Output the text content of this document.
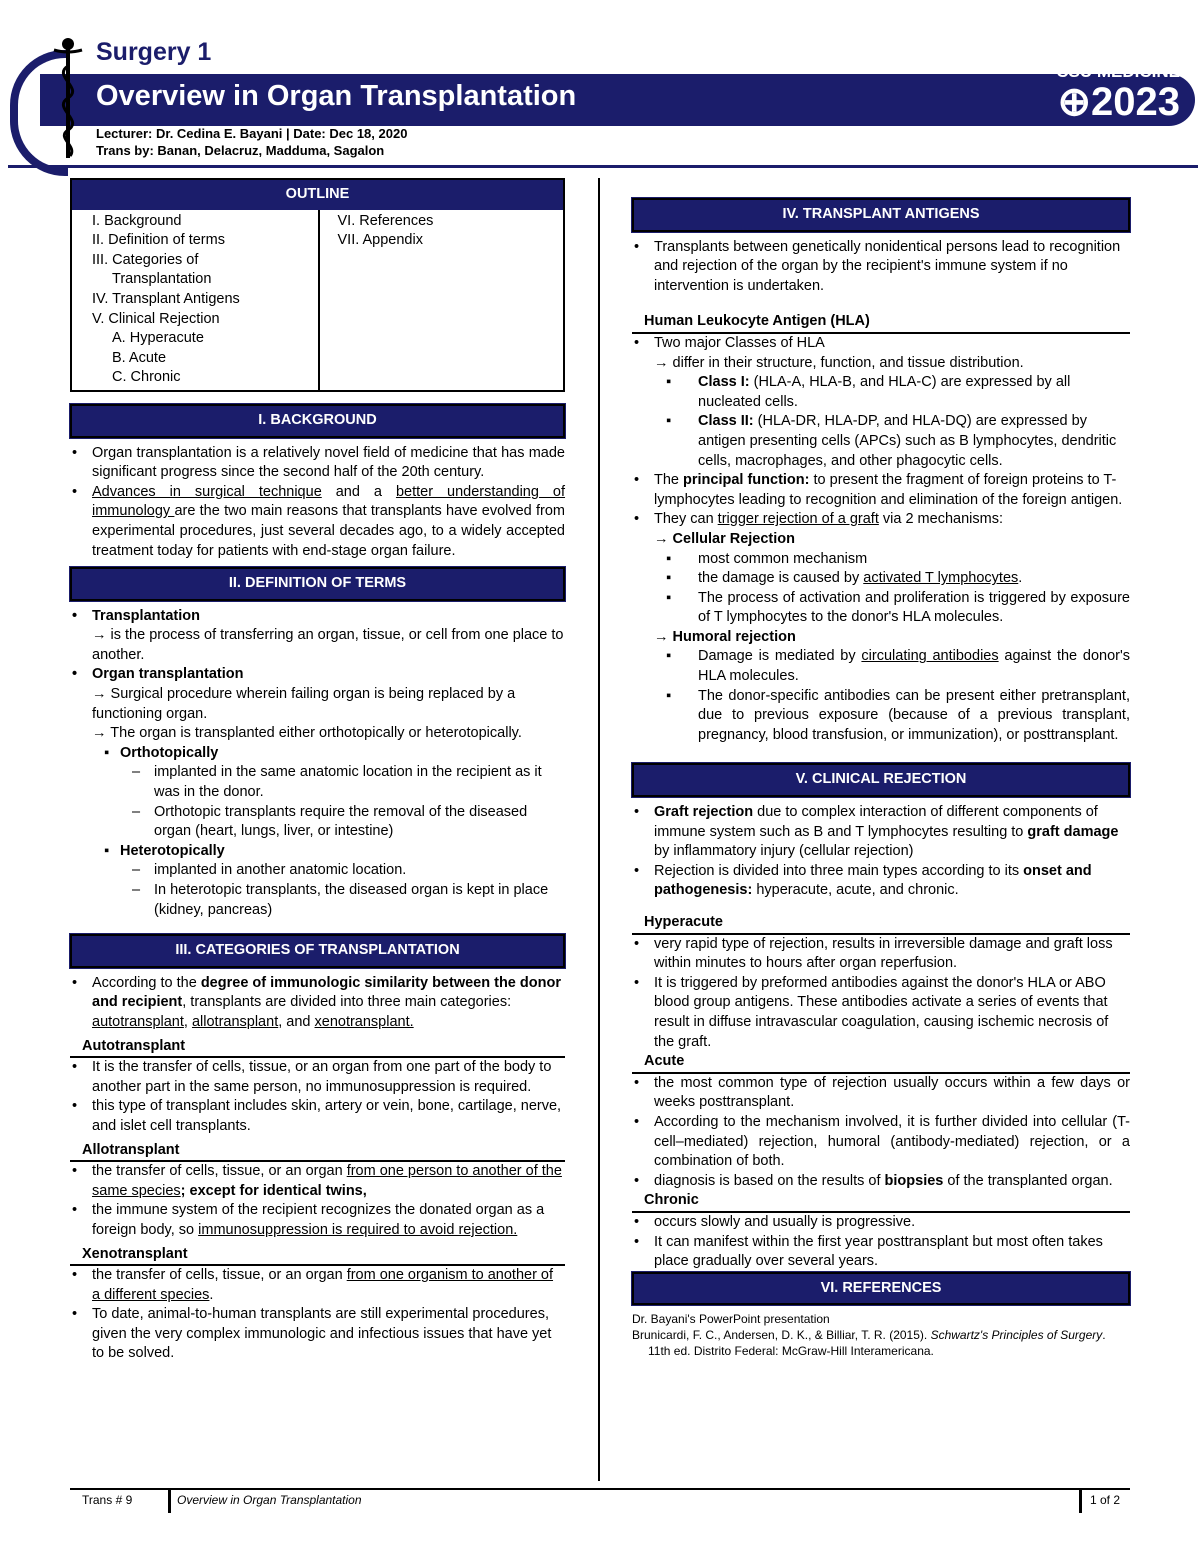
Surgery 1
Overview in Organ Transplantation
CSU MEDICINE
⊕2023
Lecturer: Dr. Cedina E. Bayani | Date: Dec 18, 2020
Trans by: Banan, Delacruz, Madduma, Sagalon
OUTLINE
I. Background
II. Definition of terms
III. Categories of
Transplantation
IV. Transplant Antigens
V. Clinical Rejection
A. Hyperacute
B. Acute
C. Chronic
VI. References
VII. Appendix
I. BACKGROUND
• Organ transplantation is a relatively novel field of medicine that has made significant progress since the second half of the 20th century.
• Advances in surgical technique and a better understanding of immunology are the two main reasons that transplants have evolved from experimental procedures, just several decades ago, to a widely accepted treatment today for patients with end-stage organ failure.
II. DEFINITION OF TERMS
• Transplantation
→ is the process of transferring an organ, tissue, or cell from one place to another.
• Organ transplantation
→ Surgical procedure wherein failing organ is being replaced by a functioning organ.
→ The organ is transplanted either orthotopically or heterotopically.
▪ Orthotopically
– implanted in the same anatomic location in the recipient as it was in the donor.
– Orthotopic transplants require the removal of the diseased organ (heart, lungs, liver, or intestine)
▪ Heterotopically
– implanted in another anatomic location.
– In heterotopic transplants, the diseased organ is kept in place (kidney, pancreas)
III. CATEGORIES OF TRANSPLANTATION
• According to the degree of immunologic similarity between the donor and recipient, transplants are divided into three main categories: autotransplant, allotransplant, and xenotransplant.
Autotransplant
• It is the transfer of cells, tissue, or an organ from one part of the body to another part in the same person, no immunosuppression is required.
• this type of transplant includes skin, artery or vein, bone, cartilage, nerve, and islet cell transplants.
Allotransplant
• the transfer of cells, tissue, or an organ from one person to another of the same species; except for identical twins,
• the immune system of the recipient recognizes the donated organ as a foreign body, so immunosuppression is required to avoid rejection.
Xenotransplant
• the transfer of cells, tissue, or an organ from one organism to another of a different species.
• To date, animal-to-human transplants are still experimental procedures, given the very complex immunologic and infectious issues that have yet to be solved.
IV. TRANSPLANT ANTIGENS
• Transplants between genetically nonidentical persons lead to recognition and rejection of the organ by the recipient's immune system if no intervention is undertaken.
Human Leukocyte Antigen (HLA)
• Two major Classes of HLA
→ differ in their structure, function, and tissue distribution.
▪ Class I: (HLA-A, HLA-B, and HLA-C) are expressed by all nucleated cells.
▪ Class II: (HLA-DR, HLA-DP, and HLA-DQ) are expressed by antigen presenting cells (APCs) such as B lymphocytes, dendritic cells, macrophages, and other phagocytic cells.
• The principal function: to present the fragment of foreign proteins to T-lymphocytes leading to recognition and elimination of the foreign antigen.
• They can trigger rejection of a graft via 2 mechanisms:
→ Cellular Rejection
▪ most common mechanism
▪ the damage is caused by activated T lymphocytes.
▪ The process of activation and proliferation is triggered by exposure of T lymphocytes to the donor's HLA molecules.
→ Humoral rejection
▪ Damage is mediated by circulating antibodies against the donor's HLA molecules.
▪ The donor-specific antibodies can be present either pretransplant, due to previous exposure (because of a previous transplant, pregnancy, blood transfusion, or immunization), or posttransplant.
V. CLINICAL REJECTION
• Graft rejection due to complex interaction of different components of immune system such as B and T lymphocytes resulting to graft damage by inflammatory injury (cellular rejection)
• Rejection is divided into three main types according to its onset and pathogenesis: hyperacute, acute, and chronic.
Hyperacute
• very rapid type of rejection, results in irreversible damage and graft loss within minutes to hours after organ reperfusion.
• It is triggered by preformed antibodies against the donor's HLA or ABO blood group antigens. These antibodies activate a series of events that result in diffuse intravascular coagulation, causing ischemic necrosis of the graft.
Acute
• the most common type of rejection usually occurs within a few days or weeks posttransplant.
• According to the mechanism involved, it is further divided into cellular (T-cell–mediated) rejection, humoral (antibody-mediated) rejection, or a combination of both.
• diagnosis is based on the results of biopsies of the transplanted organ.
Chronic
• occurs slowly and usually is progressive.
• It can manifest within the first year posttransplant but most often takes place gradually over several years.
VI. REFERENCES

Dr. Bayani's PowerPoint presentation

Brunicardi, F. C., Andersen, D. K., & Billiar, T. R. (2015). Schwartz's Principles of Surgery. 11th ed. Distrito Federal: McGraw-Hill Interamericana.

Trans # 9	Overview in Organ Transplantation	1 of 2
